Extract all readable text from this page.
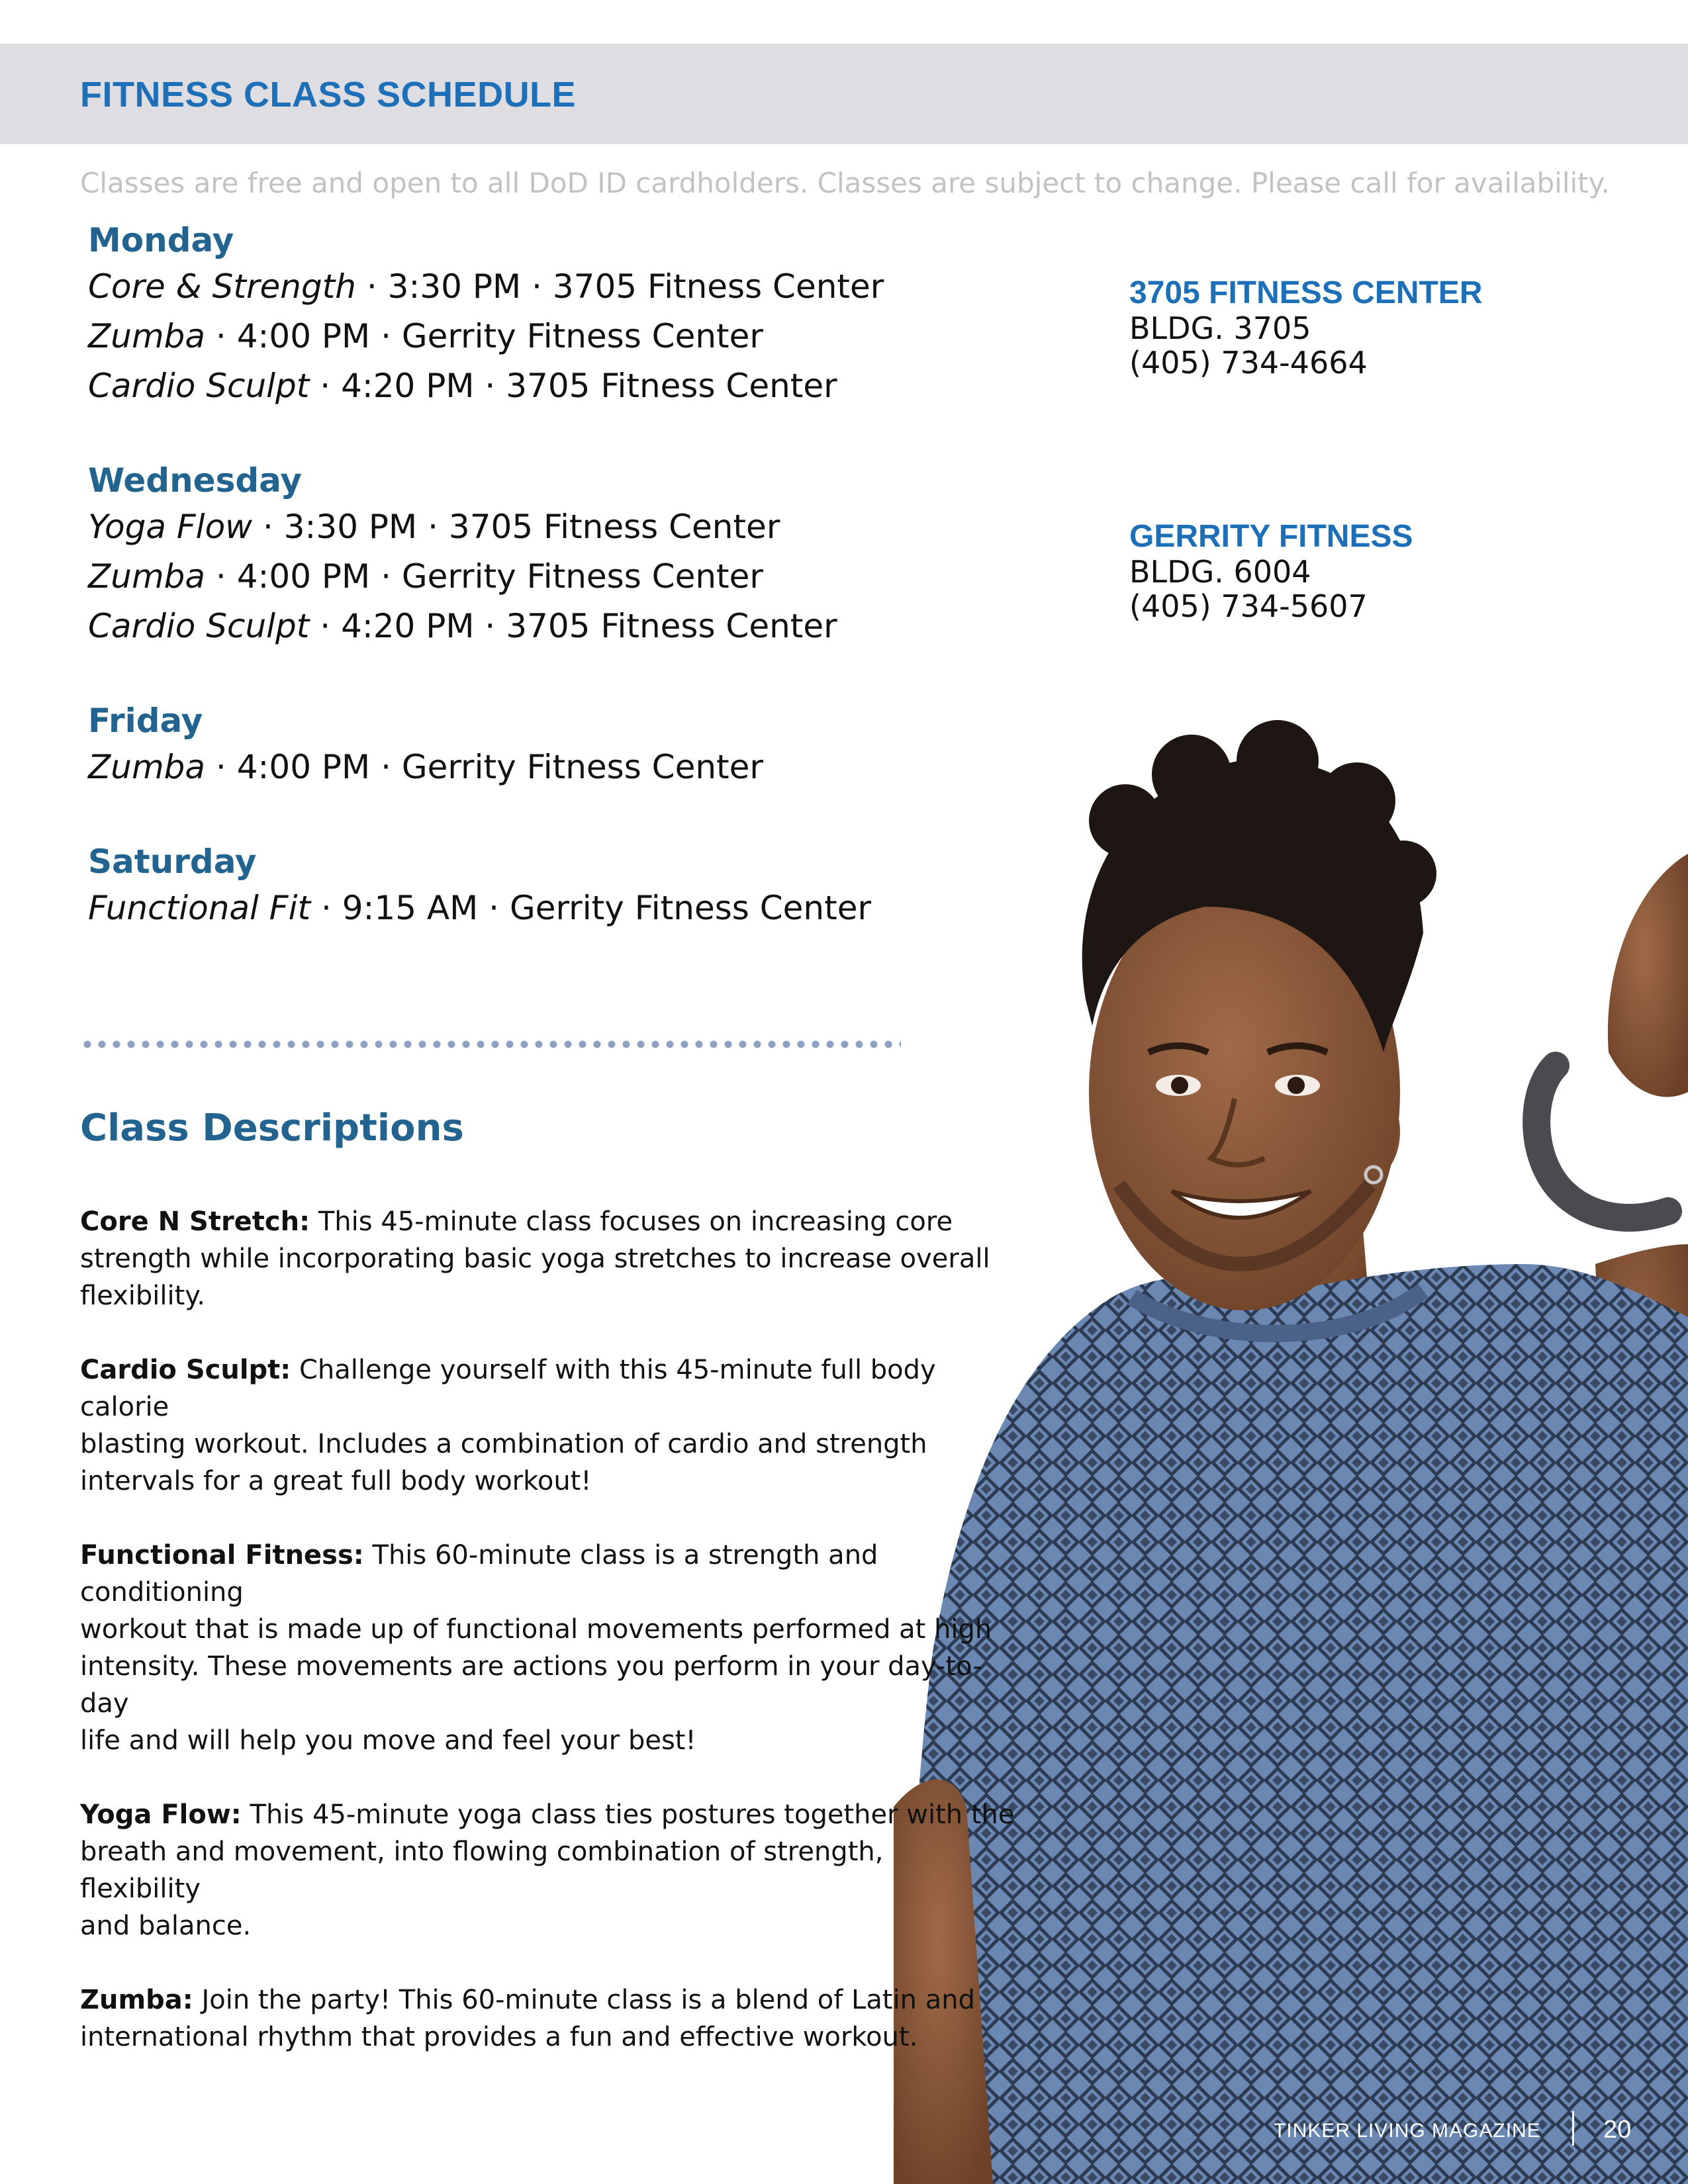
FITNESS CLASS SCHEDULE
Classes are free and open to all DoD ID cardholders. Classes are subject to change. Please call for availability.
Monday
Core & Strength · 3:30 PM · 3705 Fitness Center
Zumba · 4:00 PM · Gerrity Fitness Center
Cardio Sculpt · 4:20 PM · 3705 Fitness Center
Wednesday
Yoga Flow · 3:30 PM · 3705 Fitness Center
Zumba · 4:00 PM · Gerrity Fitness Center
Cardio Sculpt · 4:20 PM · 3705 Fitness Center
Friday
Zumba · 4:00 PM · Gerrity Fitness Center
Saturday
Functional Fit · 9:15 AM · Gerrity Fitness Center
3705 FITNESS CENTER
BLDG. 3705
(405) 734-4664
GERRITY FITNESS
BLDG. 6004
(405) 734-5607
Class Descriptions
Core N Stretch: This 45-minute class focuses on increasing core
strength while incorporating basic yoga stretches to increase overall
flexibility.
Cardio Sculpt: Challenge yourself with this 45-minute full body
calorie
blasting workout. Includes a combination of cardio and strength
intervals for a great full body workout!
Functional Fitness: This 60-minute class is a strength and
conditioning
workout that is made up of functional movements performed at high
intensity. These movements are actions you perform in your day-to-
day
life and will help you move and feel your best!
Yoga Flow: This 45-minute yoga class ties postures together with the
breath and movement, into flowing combination of strength,
flexibility
and balance.
Zumba: Join the party! This 60-minute class is a blend of Latin and
international rhythm that provides a fun and effective workout.
TINKER LIVING MAGAZINE 20
